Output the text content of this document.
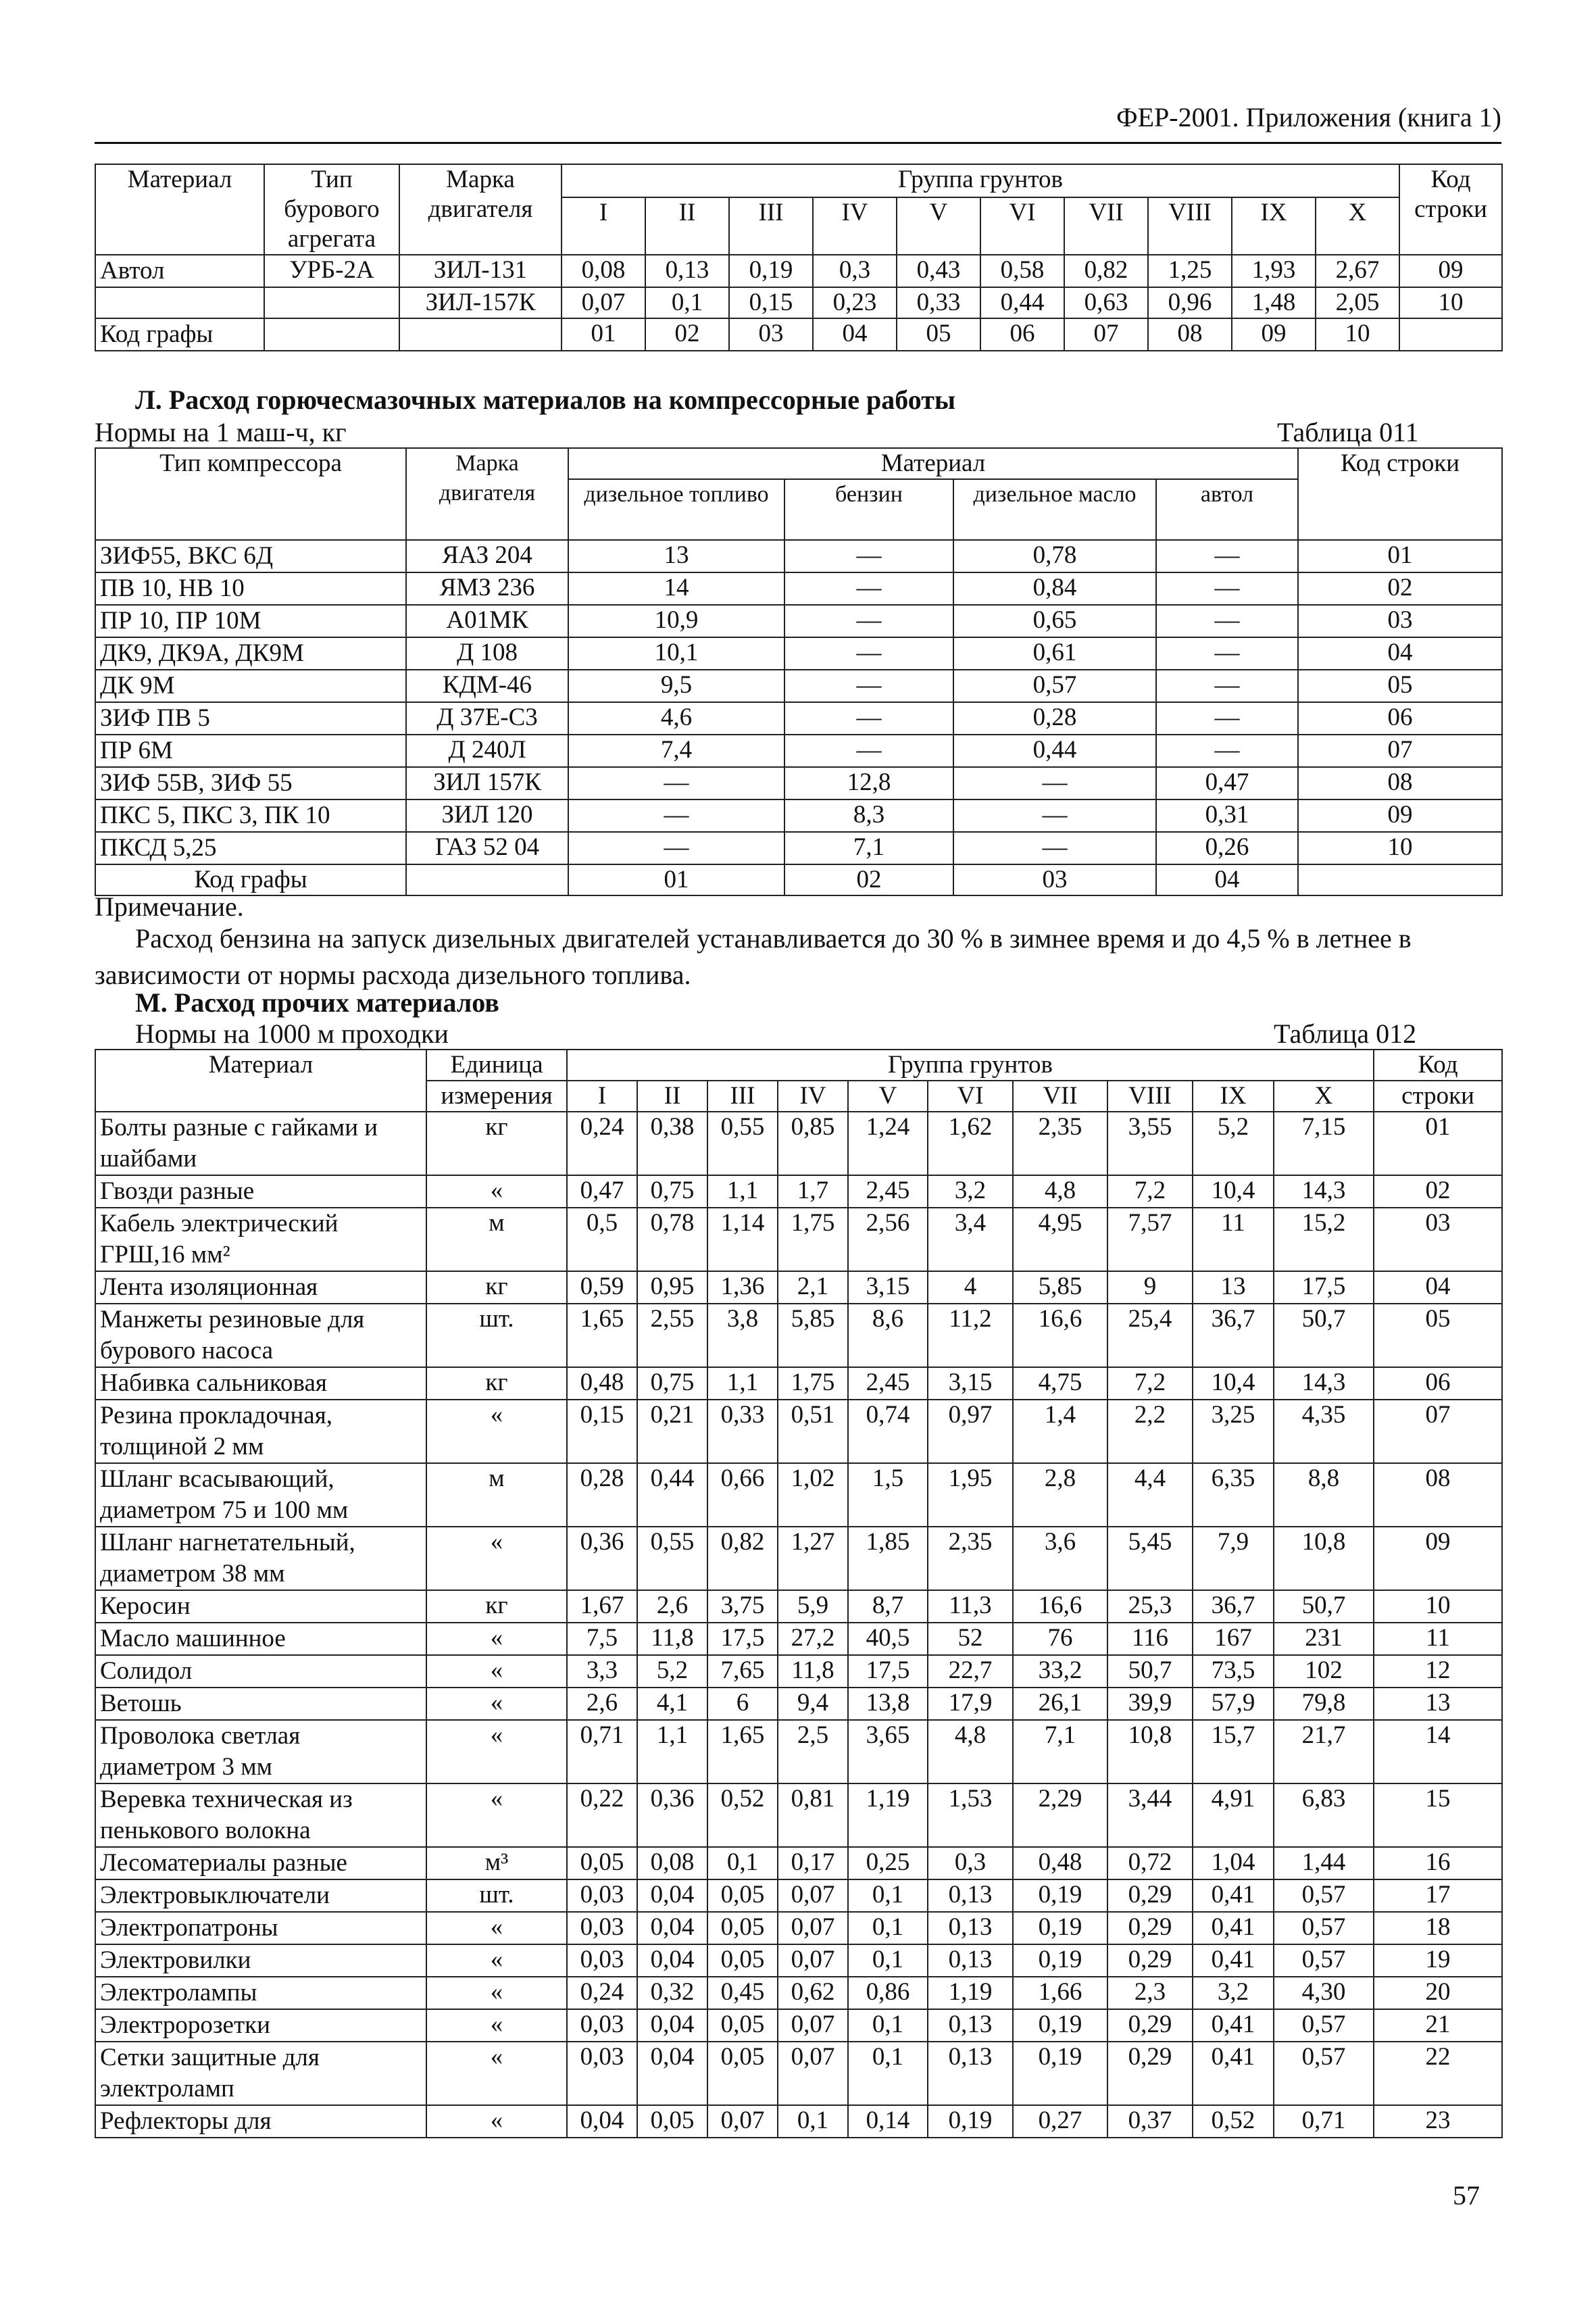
ФЕР-2001. Приложения (книга 1)
Материал	Тип бурового агрегата	Марка двигателя	Группа грунтов										Код строки
			I	II	III	IV	V	VI	VII	VIII	IX	X	
Автол	УРБ-2А	ЗИЛ-131	0,08	0,13	0,19	0,3	0,43	0,58	0,82	1,25	1,93	2,67	09
		ЗИЛ-157К	0,07	0,1	0,15	0,23	0,33	0,44	0,63	0,96	1,48	2,05	10
Код графы			01	02	03	04	05	06	07	08	09	10	
Л. Расход горючесмазочных материалов на компрессорные работы
Нормы на 1 маш-ч, кг	Таблица 011
Тип компрессора	Марка двигателя	Материал				Код строки
		дизельное топливо	бензин	дизельное масло	автол	
ЗИФ55, ВКС 6Д	ЯАЗ 204	13	—	0,78	—	01
ПВ 10, НВ 10	ЯМЗ 236	14	—	0,84	—	02
ПР 10, ПР 10М	А01МК	10,9	—	0,65	—	03
ДК9, ДК9А, ДК9М	Д 108	10,1	—	0,61	—	04
ДК 9М	КДМ-46	9,5	—	0,57	—	05
ЗИФ ПВ 5	Д 37Е-С3	4,6	—	0,28	—	06
ПР 6М	Д 240Л	7,4	—	0,44	—	07
ЗИФ 55В, ЗИФ 55	ЗИЛ 157К	—	12,8	—	0,47	08
ПКС 5, ПКС 3, ПК 10	ЗИЛ 120	—	8,3	—	0,31	09
ПКСД 5,25	ГАЗ 52 04	—	7,1	—	0,26	10
Код графы		01	02	03	04	
Примечание.
Расход бензина на запуск дизельных двигателей устанавливается до 30 % в зимнее время и до 4,5 % в летнее в зависимости от нормы расхода дизельного топлива.
М. Расход прочих материалов
Нормы на 1000 м проходки	Таблица 012
Материал	Единица	Группа грунтов										Код
	измерения	I	II	III	IV	V	VI	VII	VIII	IX	X	строки
Болты разные с гайками и шайбами	кг	0,24	0,38	0,55	0,85	1,24	1,62	2,35	3,55	5,2	7,15	01
Гвозди разные	«	0,47	0,75	1,1	1,7	2,45	3,2	4,8	7,2	10,4	14,3	02
Кабель электрический ГРШ,16 мм²	м	0,5	0,78	1,14	1,75	2,56	3,4	4,95	7,57	11	15,2	03
Лента изоляционная	кг	0,59	0,95	1,36	2,1	3,15	4	5,85	9	13	17,5	04
Манжеты резиновые для бурового насоса	шт.	1,65	2,55	3,8	5,85	8,6	11,2	16,6	25,4	36,7	50,7	05
Набивка сальниковая	кг	0,48	0,75	1,1	1,75	2,45	3,15	4,75	7,2	10,4	14,3	06
Резина прокладочная, толщиной 2 мм	«	0,15	0,21	0,33	0,51	0,74	0,97	1,4	2,2	3,25	4,35	07
Шланг всасывающий, диаметром 75 и 100 мм	м	0,28	0,44	0,66	1,02	1,5	1,95	2,8	4,4	6,35	8,8	08
Шланг нагнетательный, диаметром 38 мм	«	0,36	0,55	0,82	1,27	1,85	2,35	3,6	5,45	7,9	10,8	09
Керосин	кг	1,67	2,6	3,75	5,9	8,7	11,3	16,6	25,3	36,7	50,7	10
Масло машинное	«	7,5	11,8	17,5	27,2	40,5	52	76	116	167	231	11
Солидол	«	3,3	5,2	7,65	11,8	17,5	22,7	33,2	50,7	73,5	102	12
Ветошь	«	2,6	4,1	6	9,4	13,8	17,9	26,1	39,9	57,9	79,8	13
Проволока светлая диаметром 3 мм	«	0,71	1,1	1,65	2,5	3,65	4,8	7,1	10,8	15,7	21,7	14
Веревка техническая из пенькового волокна	«	0,22	0,36	0,52	0,81	1,19	1,53	2,29	3,44	4,91	6,83	15
Лесоматериалы разные	м³	0,05	0,08	0,1	0,17	0,25	0,3	0,48	0,72	1,04	1,44	16
Электровыключатели	шт.	0,03	0,04	0,05	0,07	0,1	0,13	0,19	0,29	0,41	0,57	17
Электропатроны	«	0,03	0,04	0,05	0,07	0,1	0,13	0,19	0,29	0,41	0,57	18
Электровилки	«	0,03	0,04	0,05	0,07	0,1	0,13	0,19	0,29	0,41	0,57	19
Электролампы	«	0,24	0,32	0,45	0,62	0,86	1,19	1,66	2,3	3,2	4,30	20
Электророзетки	«	0,03	0,04	0,05	0,07	0,1	0,13	0,19	0,29	0,41	0,57	21
Сетки защитные для электроламп	«	0,03	0,04	0,05	0,07	0,1	0,13	0,19	0,29	0,41	0,57	22
Рефлекторы для	«	0,04	0,05	0,07	0,1	0,14	0,19	0,27	0,37	0,52	0,71	23
57
